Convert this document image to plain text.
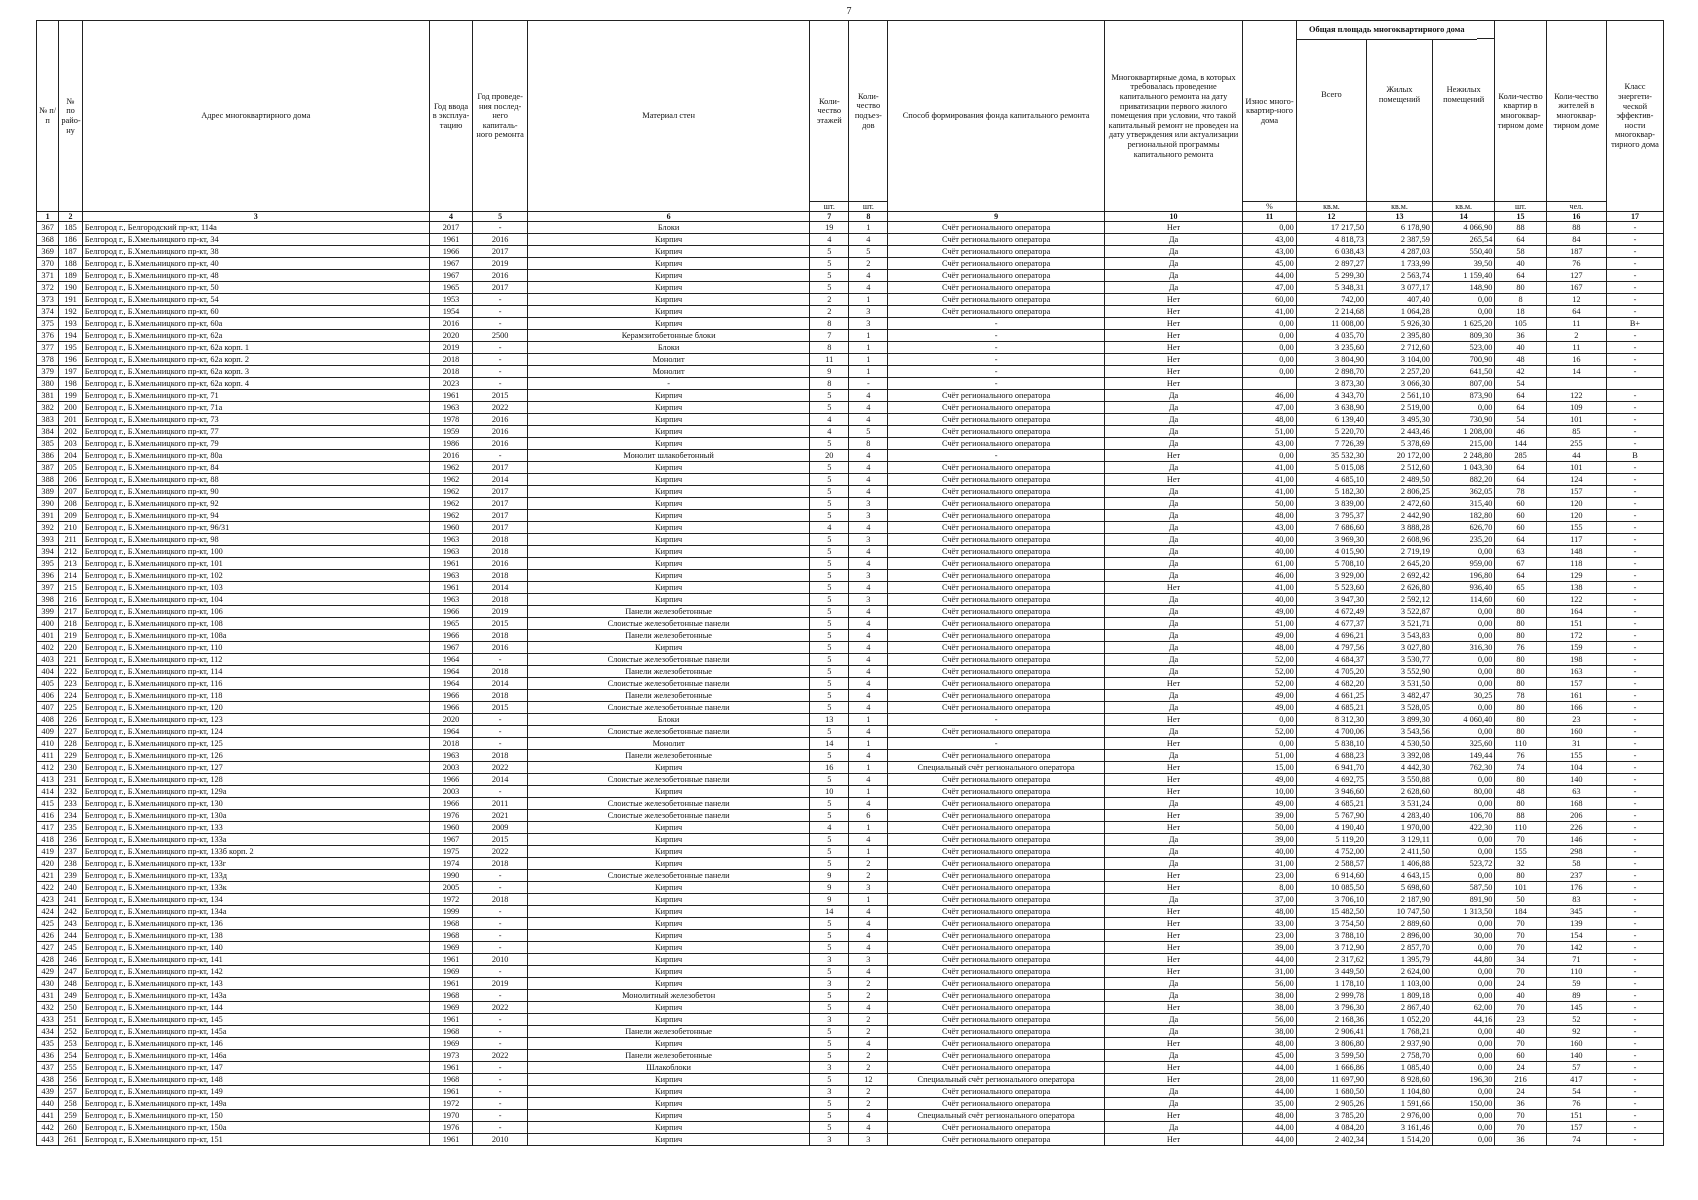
7
№ п/п	№ по райо-ну	Адрес многоквартирного дома	Год ввода в эксплуа-тацию	Год проведе-ния послед-него капиталь-ного ремонта	Материал стен	Коли-чество этажей	Коли-чество подъез-дов	Способ формирования фонда капитального ремонта	Многоквартирные дома, в которых требовалась проведение капитального ремонта на дату приватизации первого жилого помещения при условии, что такой капитальный ремонт не проведен на дату утверждения или актуализации региональной программы капитального ремонта	Износ много-квартир-ного дома	Общая площадь многоквартирного дома
Всего	Жилых помещений	Нежилых помещений	Коли-чество квартир в многоквар-тирном доме	Коли-чество жителей в многоквар-тирном доме	Класс энергети-ческой эффектив-ности многоквар-тирного дома
						шт.	шт.			%	кв.м.	кв.м.	кв.м.	шт.	чел.	
1	2	3	4	5	6	7	8	9	10	11	12	13	14	15	16	17
367	185	Белгород г., Белгородский пр-кт, 114а	2017	-	Блоки	19	1	Счёт регионального оператора	Нет	0,00	17 217,50	6 178,90	4 066,90	88	88	-
368	186	Белгород г., Б.Хмельницкого пр-кт, 34	1961	2016	Кирпич	4	4	Счёт регионального оператора	Да	43,00	4 818,73	2 387,59	265,54	64	84	-
369	187	Белгород г., Б.Хмельницкого пр-кт, 38	1966	2017	Кирпич	5	5	Счёт регионального оператора	Да	43,00	6 038,43	4 287,03	550,40	58	187	-
370	188	Белгород г., Б.Хмельницкого пр-кт, 40	1967	2019	Кирпич	5	2	Счёт регионального оператора	Да	45,00	2 897,27	1 733,99	39,50	40	76	-
371	189	Белгород г., Б.Хмельницкого пр-кт, 48	1967	2016	Кирпич	5	4	Счёт регионального оператора	Да	44,00	5 299,30	2 563,74	1 159,40	64	127	-
372	190	Белгород г., Б.Хмельницкого пр-кт, 50	1965	2017	Кирпич	5	4	Счёт регионального оператора	Да	47,00	5 348,31	3 077,17	148,90	80	167	-
373	191	Белгород г., Б.Хмельницкого пр-кт, 54	1953	-	Кирпич	2	1	Счёт регионального оператора	Нет	60,00	742,00	407,40	0,00	8	12	-
374	192	Белгород г., Б.Хмельницкого пр-кт, 60	1954	-	Кирпич	2	3	Счёт регионального оператора	Нет	41,00	2 214,68	1 064,28	0,00	18	64	-
375	193	Белгород г., Б.Хмельницкого пр-кт, 60а	2016	-	Кирпич	8	3	-	Нет	0,00	11 008,00	5 926,30	1 625,20	105	11	B+
376	194	Белгород г., Б.Хмельницкого пр-кт, 62а	2020	2500	Керамзитобетонные блоки	7	1	-	Нет	0,00	4 035,70	2 395,80	809,30	36	2	-
377	195	Белгород г., Б.Хмельницкого пр-кт, 62а корп. 1	2019	-	Блоки	8	1	-	Нет	0,00	3 235,60	2 712,60	523,00	40	11	-
378	196	Белгород г., Б.Хмельницкого пр-кт, 62а корп. 2	2018	-	Монолит	11	1	-	Нет	0,00	3 804,90	3 104,00	700,90	48	16	-
379	197	Белгород г., Б.Хмельницкого пр-кт, 62а корп. 3	2018	-	Монолит	9	1	-	Нет	0,00	2 898,70	2 257,20	641,50	42	14	-
380	198	Белгород г., Б.Хмельницкого пр-кт, 62а корп. 4	2023	-	-	8	-	-	Нет		3 873,30	3 066,30	807,00	54		
381	199	Белгород г., Б.Хмельницкого пр-кт, 71	1961	2015	Кирпич	5	4	Счёт регионального оператора	Да	46,00	4 343,70	2 561,10	873,90	64	122	-
382	200	Белгород г., Б.Хмельницкого пр-кт, 71а	1963	2022	Кирпич	5	4	Счёт регионального оператора	Да	47,00	3 638,90	2 519,00	0,00	64	109	-
383	201	Белгород г., Б.Хмельницкого пр-кт, 73	1978	2016	Кирпич	4	4	Счёт регионального оператора	Да	48,00	6 139,40	3 495,30	730,90	54	101	-
384	202	Белгород г., Б.Хмельницкого пр-кт, 77	1959	2016	Кирпич	4	5	Счёт регионального оператора	Да	51,00	5 220,70	2 443,46	1 208,00	46	85	-
385	203	Белгород г., Б.Хмельницкого пр-кт, 79	1986	2016	Кирпич	5	8	Счёт регионального оператора	Да	43,00	7 726,39	5 378,69	215,00	144	255	-
386	204	Белгород г., Б.Хмельницкого пр-кт, 80а	2016	-	Монолит шлакобетонный	20	4	-	Нет	0,00	35 532,30	20 172,00	2 248,80	285	44	B
387	205	Белгород г., Б.Хмельницкого пр-кт, 84	1962	2017	Кирпич	5	4	Счёт регионального оператора	Да	41,00	5 015,08	2 512,60	1 043,30	64	101	-
388	206	Белгород г., Б.Хмельницкого пр-кт, 88	1962	2014	Кирпич	5	4	Счёт регионального оператора	Нет	41,00	4 685,10	2 489,50	882,20	64	124	-
389	207	Белгород г., Б.Хмельницкого пр-кт, 90	1962	2017	Кирпич	5	4	Счёт регионального оператора	Да	41,00	5 182,30	2 806,25	362,05	78	157	-
390	208	Белгород г., Б.Хмельницкого пр-кт, 92	1962	2017	Кирпич	5	3	Счёт регионального оператора	Да	50,00	3 839,00	2 472,60	315,40	60	120	-
391	209	Белгород г., Б.Хмельницкого пр-кт, 94	1962	2017	Кирпич	5	3	Счёт регионального оператора	Да	48,00	3 795,37	2 442,90	182,80	60	120	-
392	210	Белгород г., Б.Хмельницкого пр-кт, 96/31	1960	2017	Кирпич	4	4	Счёт регионального оператора	Да	43,00	7 686,60	3 888,28	626,70	60	155	-
393	211	Белгород г., Б.Хмельницкого пр-кт, 98	1963	2018	Кирпич	5	3	Счёт регионального оператора	Да	40,00	3 969,30	2 608,96	235,20	64	117	-
394	212	Белгород г., Б.Хмельницкого пр-кт, 100	1963	2018	Кирпич	5	4	Счёт регионального оператора	Да	40,00	4 015,90	2 719,19	0,00	63	148	-
395	213	Белгород г., Б.Хмельницкого пр-кт, 101	1961	2016	Кирпич	5	4	Счёт регионального оператора	Да	61,00	5 708,10	2 645,20	959,00	67	118	-
396	214	Белгород г., Б.Хмельницкого пр-кт, 102	1963	2018	Кирпич	5	3	Счёт регионального оператора	Да	46,00	3 929,00	2 692,42	196,80	64	129	-
397	215	Белгород г., Б.Хмельницкого пр-кт, 103	1961	2014	Кирпич	5	4	Счёт регионального оператора	Нет	41,00	5 523,60	2 626,80	936,40	65	138	-
398	216	Белгород г., Б.Хмельницкого пр-кт, 104	1963	2018	Кирпич	5	3	Счёт регионального оператора	Да	40,00	3 947,30	2 592,12	114,60	60	122	-
399	217	Белгород г., Б.Хмельницкого пр-кт, 106	1966	2019	Панели железобетонные	5	4	Счёт регионального оператора	Да	49,00	4 672,49	3 522,87	0,00	80	164	-
400	218	Белгород г., Б.Хмельницкого пр-кт, 108	1965	2015	Слоистые железобетонные панели	5	4	Счёт регионального оператора	Да	51,00	4 677,37	3 521,71	0,00	80	151	-
401	219	Белгород г., Б.Хмельницкого пр-кт, 108а	1966	2018	Панели железобетонные	5	4	Счёт регионального оператора	Да	49,00	4 696,21	3 543,83	0,00	80	172	-
402	220	Белгород г., Б.Хмельницкого пр-кт, 110	1967	2016	Кирпич	5	4	Счёт регионального оператора	Да	48,00	4 797,56	3 027,80	316,30	76	159	-
403	221	Белгород г., Б.Хмельницкого пр-кт, 112	1964	-	Слоистые железобетонные панели	5	4	Счёт регионального оператора	Да	52,00	4 684,37	3 530,77	0,00	80	198	-
404	222	Белгород г., Б.Хмельницкого пр-кт, 114	1964	2018	Панели железобетонные	5	4	Счёт регионального оператора	Да	52,00	4 705,20	3 552,90	0,00	80	163	-
405	223	Белгород г., Б.Хмельницкого пр-кт, 116	1964	2014	Слоистые железобетонные панели	5	4	Счёт регионального оператора	Нет	52,00	4 682,20	3 531,50	0,00	80	157	-
406	224	Белгород г., Б.Хмельницкого пр-кт, 118	1966	2018	Панели железобетонные	5	4	Счёт регионального оператора	Да	49,00	4 661,25	3 482,47	30,25	78	161	-
407	225	Белгород г., Б.Хмельницкого пр-кт, 120	1966	2015	Слоистые железобетонные панели	5	4	Счёт регионального оператора	Да	49,00	4 685,21	3 528,05	0,00	80	166	-
408	226	Белгород г., Б.Хмельницкого пр-кт, 123	2020	-	Блоки	13	1	-	Нет	0,00	8 312,30	3 899,30	4 060,40	80	23	-
409	227	Белгород г., Б.Хмельницкого пр-кт, 124	1964	-	Слоистые железобетонные панели	5	4	Счёт регионального оператора	Да	52,00	4 700,06	3 543,56	0,00	80	160	-
410	228	Белгород г., Б.Хмельницкого пр-кт, 125	2018	-	Монолит	14	1	-	Нет	0,00	5 838,10	4 530,50	325,60	110	31	-
411	229	Белгород г., Б.Хмельницкого пр-кт, 126	1963	2018	Панели железобетонные	5	4	Счёт регионального оператора	Да	51,00	4 688,23	3 392,08	149,44	76	155	-
412	230	Белгород г., Б.Хмельницкого пр-кт, 127	2003	2022	Кирпич	16	1	Специальный счёт регионального оператора	Нет	15,00	6 941,70	4 442,30	762,30	74	104	-
413	231	Белгород г., Б.Хмельницкого пр-кт, 128	1966	2014	Слоистые железобетонные панели	5	4	Счёт регионального оператора	Нет	49,00	4 692,75	3 550,88	0,00	80	140	-
414	232	Белгород г., Б.Хмельницкого пр-кт, 129а	2003	-	Кирпич	10	1	Счёт регионального оператора	Нет	10,00	3 946,60	2 628,60	80,00	48	63	-
415	233	Белгород г., Б.Хмельницкого пр-кт, 130	1966	2011	Слоистые железобетонные панели	5	4	Счёт регионального оператора	Да	49,00	4 685,21	3 531,24	0,00	80	168	-
416	234	Белгород г., Б.Хмельницкого пр-кт, 130а	1976	2021	Слоистые железобетонные панели	5	6	Счёт регионального оператора	Нет	39,00	5 767,90	4 283,40	106,70	88	206	-
417	235	Белгород г., Б.Хмельницкого пр-кт, 133	1960	2009	Кирпич	4	1	Счёт регионального оператора	Нет	50,00	4 190,40	1 970,00	422,30	110	226	-
418	236	Белгород г., Б.Хмельницкого пр-кт, 133а	1967	2015	Кирпич	5	4	Счёт регионального оператора	Да	39,00	5 119,20	3 129,11	0,00	70	146	-
419	237	Белгород г., Б.Хмельницкого пр-кт, 133б корп. 2	1975	2022	Кирпич	5	1	Счёт регионального оператора	Да	40,00	4 752,00	2 411,50	0,00	155	298	-
420	238	Белгород г., Б.Хмельницкого пр-кт, 133г	1974	2018	Кирпич	5	2	Счёт регионального оператора	Да	31,00	2 588,57	1 406,88	523,72	32	58	-
421	239	Белгород г., Б.Хмельницкого пр-кт, 133д	1990	-	Слоистые железобетонные панели	9	2	Счёт регионального оператора	Нет	23,00	6 914,60	4 643,15	0,00	80	237	-
422	240	Белгород г., Б.Хмельницкого пр-кт, 133к	2005	-	Кирпич	9	3	Счёт регионального оператора	Нет	8,00	10 085,50	5 698,60	587,50	101	176	-
423	241	Белгород г., Б.Хмельницкого пр-кт, 134	1972	2018	Кирпич	9	1	Счёт регионального оператора	Да	37,00	3 706,10	2 187,90	891,90	50	83	-
424	242	Белгород г., Б.Хмельницкого пр-кт, 134а	1999	-	Кирпич	14	4	Счёт регионального оператора	Нет	48,00	15 482,50	10 747,50	1 313,50	184	345	-
425	243	Белгород г., Б.Хмельницкого пр-кт, 136	1968	-	Кирпич	5	4	Счёт регионального оператора	Нет	33,00	3 754,50	2 889,60	0,00	70	139	-
426	244	Белгород г., Б.Хмельницкого пр-кт, 138	1968	-	Кирпич	5	4	Счёт регионального оператора	Нет	23,00	3 788,10	2 896,00	30,00	70	154	-
427	245	Белгород г., Б.Хмельницкого пр-кт, 140	1969	-	Кирпич	5	4	Счёт регионального оператора	Нет	39,00	3 712,90	2 857,70	0,00	70	142	-
428	246	Белгород г., Б.Хмельницкого пр-кт, 141	1961	2010	Кирпич	3	3	Счёт регионального оператора	Нет	44,00	2 317,62	1 395,79	44,80	34	71	-
429	247	Белгород г., Б.Хмельницкого пр-кт, 142	1969	-	Кирпич	5	4	Счёт регионального оператора	Нет	31,00	3 449,50	2 624,00	0,00	70	110	-
430	248	Белгород г., Б.Хмельницкого пр-кт, 143	1961	2019	Кирпич	3	2	Счёт регионального оператора	Да	56,00	1 178,10	1 103,00	0,00	24	59	-
431	249	Белгород г., Б.Хмельницкого пр-кт, 143а	1968	-	Монолитный железобетон	5	2	Счёт регионального оператора	Да	38,00	2 999,78	1 809,18	0,00	40	89	-
432	250	Белгород г., Б.Хмельницкого пр-кт, 144	1969	2022	Кирпич	5	4	Счёт регионального оператора	Нет	38,00	3 796,30	2 867,40	62,00	70	145	-
433	251	Белгород г., Б.Хмельницкого пр-кт, 145	1961	-	Кирпич	3	2	Счёт регионального оператора	Да	56,00	2 168,36	1 052,20	44,16	23	52	-
434	252	Белгород г., Б.Хмельницкого пр-кт, 145а	1968	-	Панели железобетонные	5	2	Счёт регионального оператора	Да	38,00	2 906,41	1 768,21	0,00	40	92	-
435	253	Белгород г., Б.Хмельницкого пр-кт, 146	1969	-	Кирпич	5	4	Счёт регионального оператора	Нет	48,00	3 806,80	2 937,90	0,00	70	160	-
436	254	Белгород г., Б.Хмельницкого пр-кт, 146а	1973	2022	Панели железобетонные	5	2	Счёт регионального оператора	Да	45,00	3 599,50	2 758,70	0,00	60	140	-
437	255	Белгород г., Б.Хмельницкого пр-кт, 147	1961	-	Шлакоблоки	3	2	Счёт регионального оператора	Нет	44,00	1 666,86	1 085,40	0,00	24	57	-
438	256	Белгород г., Б.Хмельницкого пр-кт, 148	1968	-	Кирпич	5	12	Специальный счёт регионального оператора	Нет	28,00	11 697,90	8 928,60	196,30	216	417	-
439	257	Белгород г., Б.Хмельницкого пр-кт, 149	1961	-	Кирпич	3	2	Счёт регионального оператора	Да	44,00	1 680,50	1 104,80	0,00	24	54	-
440	258	Белгород г., Б.Хмельницкого пр-кт, 149а	1972	-	Кирпич	5	2	Счёт регионального оператора	Да	35,00	2 905,26	1 591,66	150,00	36	76	-
441	259	Белгород г., Б.Хмельницкого пр-кт, 150	1970	-	Кирпич	5	4	Специальный счёт регионального оператора	Нет	48,00	3 785,20	2 976,00	0,00	70	151	-
442	260	Белгород г., Б.Хмельницкого пр-кт, 150а	1976	-	Кирпич	5	4	Счёт регионального оператора	Да	44,00	4 084,20	3 161,46	0,00	70	157	-
443	261	Белгород г., Б.Хмельницкого пр-кт, 151	1961	2010	Кирпич	3	3	Счёт регионального оператора	Нет	44,00	2 402,34	1 514,20	0,00	36	74	-
